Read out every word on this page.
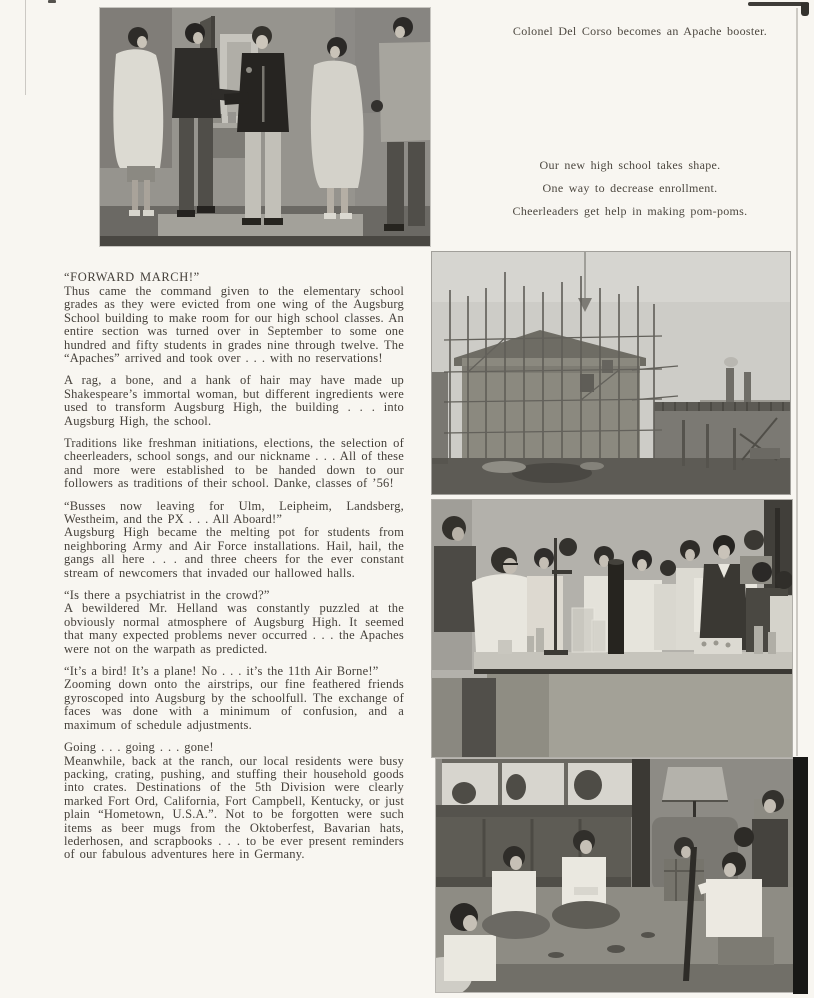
Colonel Del Corso becomes an Apache booster.
Our new high school takes shape.
One way to decrease enrollment.
Cheerleaders get help in making pom-poms.
“FORWARD MARCH!”

Thus came the command given to the elementary school grades as they were evicted from one wing of the Augsburg School building to make room for our high school classes. An entire section was turned over in September to some one hundred and fifty students in grades nine through twelve. The “Apaches” arrived and took over . . . with no reservations!

A rag, a bone, and a hank of hair may have made up Shakespeare’s immortal woman, but different ingredients were used to transform Augsburg High, the building . . . into Augsburg High, the school.

Traditions like freshman initiations, elections, the selection of cheerleaders, school songs, and our nickname . . . All of these and more were established to be handed down to our followers as traditions of their school. Danke, classes of ’56!

“Busses now leaving for Ulm, Leipheim, Landsberg, Westheim, and the PX . . . All Aboard!”
Augsburg High became the melting pot for students from neighboring Army and Air Force installations. Hail, hail, the gangs all here . . . and three cheers for the ever constant stream of newcomers that invaded our hallowed halls.

“Is there a psychiatrist in the crowd?”
A bewildered Mr. Helland was constantly puzzled at the obviously normal atmosphere of Augsburg High. It seemed that many expected problems never occurred . . . the Apaches were not on the warpath as predicted.

“It’s a bird! It’s a plane! No . . . it’s the 11th Air Borne!”
Zooming down onto the airstrips, our fine feathered friends gyroscoped into Augsburg by the schoolfull. The exchange of faces was done with a minimum of confusion, and a maximum of schedule adjustments.

Going . . . going . . . gone!
Meanwhile, back at the ranch, our local residents were busy packing, crating, pushing, and stuffing their household goods into crates. Destinations of the 5th Division were clearly marked Fort Ord, California, Fort Campbell, Kentucky, or just plain “Hometown, U.S.A.”. Not to be forgotten were such items as beer mugs from the Oktoberfest, Bavarian hats, lederhosen, and scrapbooks . . . to be ever present reminders of our fabulous adventures here in Germany.
